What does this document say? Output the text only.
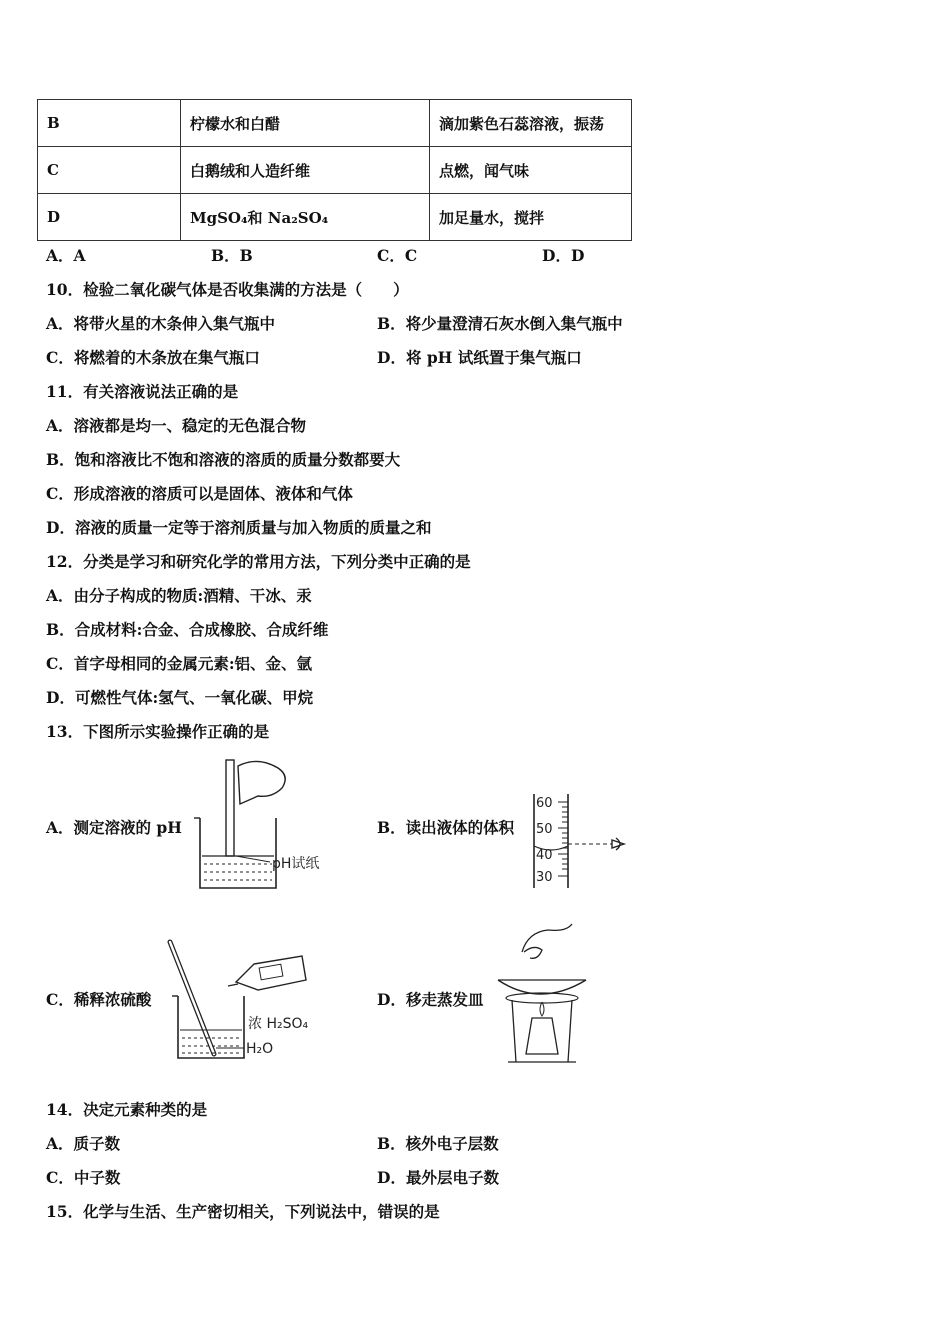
B	柠檬水和白醋	滴加紫色石蕊溶液，振荡
C	白鹅绒和人造纤维	点燃，闻气味
D	MgSO₄和 Na₂SO₄	加足量水，搅拌
A．A	B．B	C．C	D．D
10．检验二氧化碳气体是否收集满的方法是（　　）
A．将带火星的木条伸入集气瓶中	B．将少量澄清石灰水倒入集气瓶中
C．将燃着的木条放在集气瓶口	D．将 pH 试纸置于集气瓶口
11．有关溶液说法正确的是
A．溶液都是均一、稳定的无色混合物
B．饱和溶液比不饱和溶液的溶质的质量分数都要大
C．形成溶液的溶质可以是固体、液体和气体
D．溶液的质量一定等于溶剂质量与加入物质的质量之和
12．分类是学习和研究化学的常用方法，下列分类中正确的是
A．由分子构成的物质:酒精、干冰、汞
B．合成材料:合金、合成橡胶、合成纤维
C．首字母相同的金属元素:铝、金、氩
D．可燃性气体:氢气、一氧化碳、甲烷
13．下图所示实验操作正确的是
A．测定溶液的 pH	B．读出液体的体积
C．稀释浓硫酸	D．移走蒸发皿
pH试纸
60
50
40
30
浓 H₂SO₄
H₂O
14．决定元素种类的是
A．质子数	B．核外电子层数
C．中子数	D．最外层电子数
15．化学与生活、生产密切相关，下列说法中，错误的是
